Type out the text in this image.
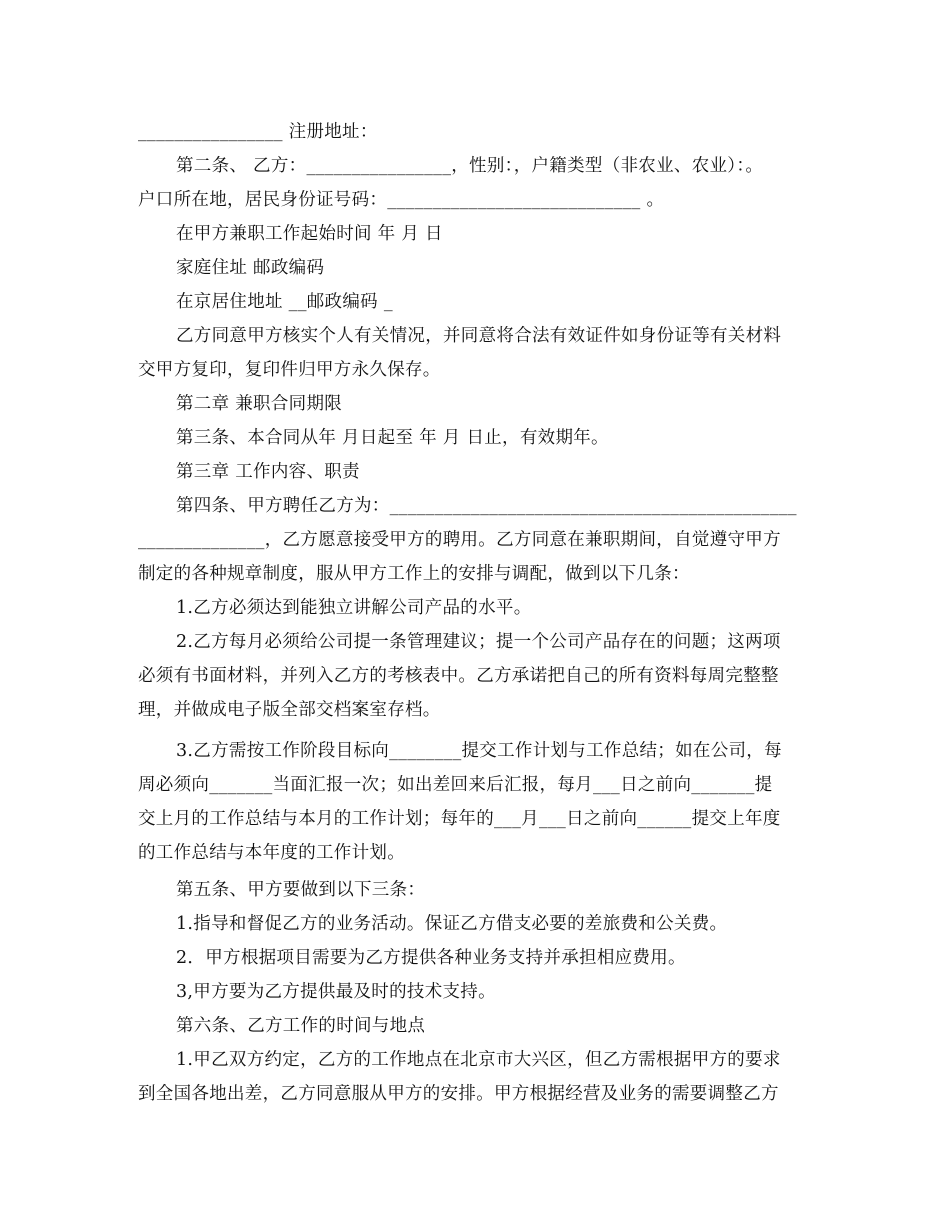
________________ 注册地址：
第二条、 乙方：________________，性别：，户籍类型（非农业、农业）：。
户口所在地，居民身份证号码：____________________________ 。
在甲方兼职工作起始时间 年 月 日
家庭住址 邮政编码
在京居住地址 __邮政编码 _
乙方同意甲方核实个人有关情况，并同意将合法有效证件如身份证等有关材料
交甲方复印，复印件归甲方永久保存。
第二章 兼职合同期限
第三条、本合同从年 月日起至 年 月 日止，有效期年。
第三章 工作内容、职责
第四条、甲方聘任乙方为：_____________________________________________
______________，乙方愿意接受甲方的聘用。乙方同意在兼职期间，自觉遵守甲方
制定的各种规章制度，服从甲方工作上的安排与调配，做到以下几条：
1.乙方必须达到能独立讲解公司产品的水平。
2.乙方每月必须给公司提一条管理建议；提一个公司产品存在的问题；这两项
必须有书面材料，并列入乙方的考核表中。乙方承诺把自己的所有资料每周完整整
理，并做成电子版全部交档案室存档。
3.乙方需按工作阶段目标向________提交工作计划与工作总结；如在公司，每
周必须向_______当面汇报一次；如出差回来后汇报，每月___日之前向_______提
交上月的工作总结与本月的工作计划；每年的___月___日之前向______提交上年度
的工作总结与本年度的工作计划。
第五条、甲方要做到以下三条：
1.指导和督促乙方的业务活动。保证乙方借支必要的差旅费和公关费。
2．甲方根据项目需要为乙方提供各种业务支持并承担相应费用。
3,甲方要为乙方提供最及时的技术支持。
第六条、乙方工作的时间与地点
1.甲乙双方约定，乙方的工作地点在北京市大兴区，但乙方需根据甲方的要求
到全国各地出差，乙方同意服从甲方的安排。甲方根据经营及业务的需要调整乙方
